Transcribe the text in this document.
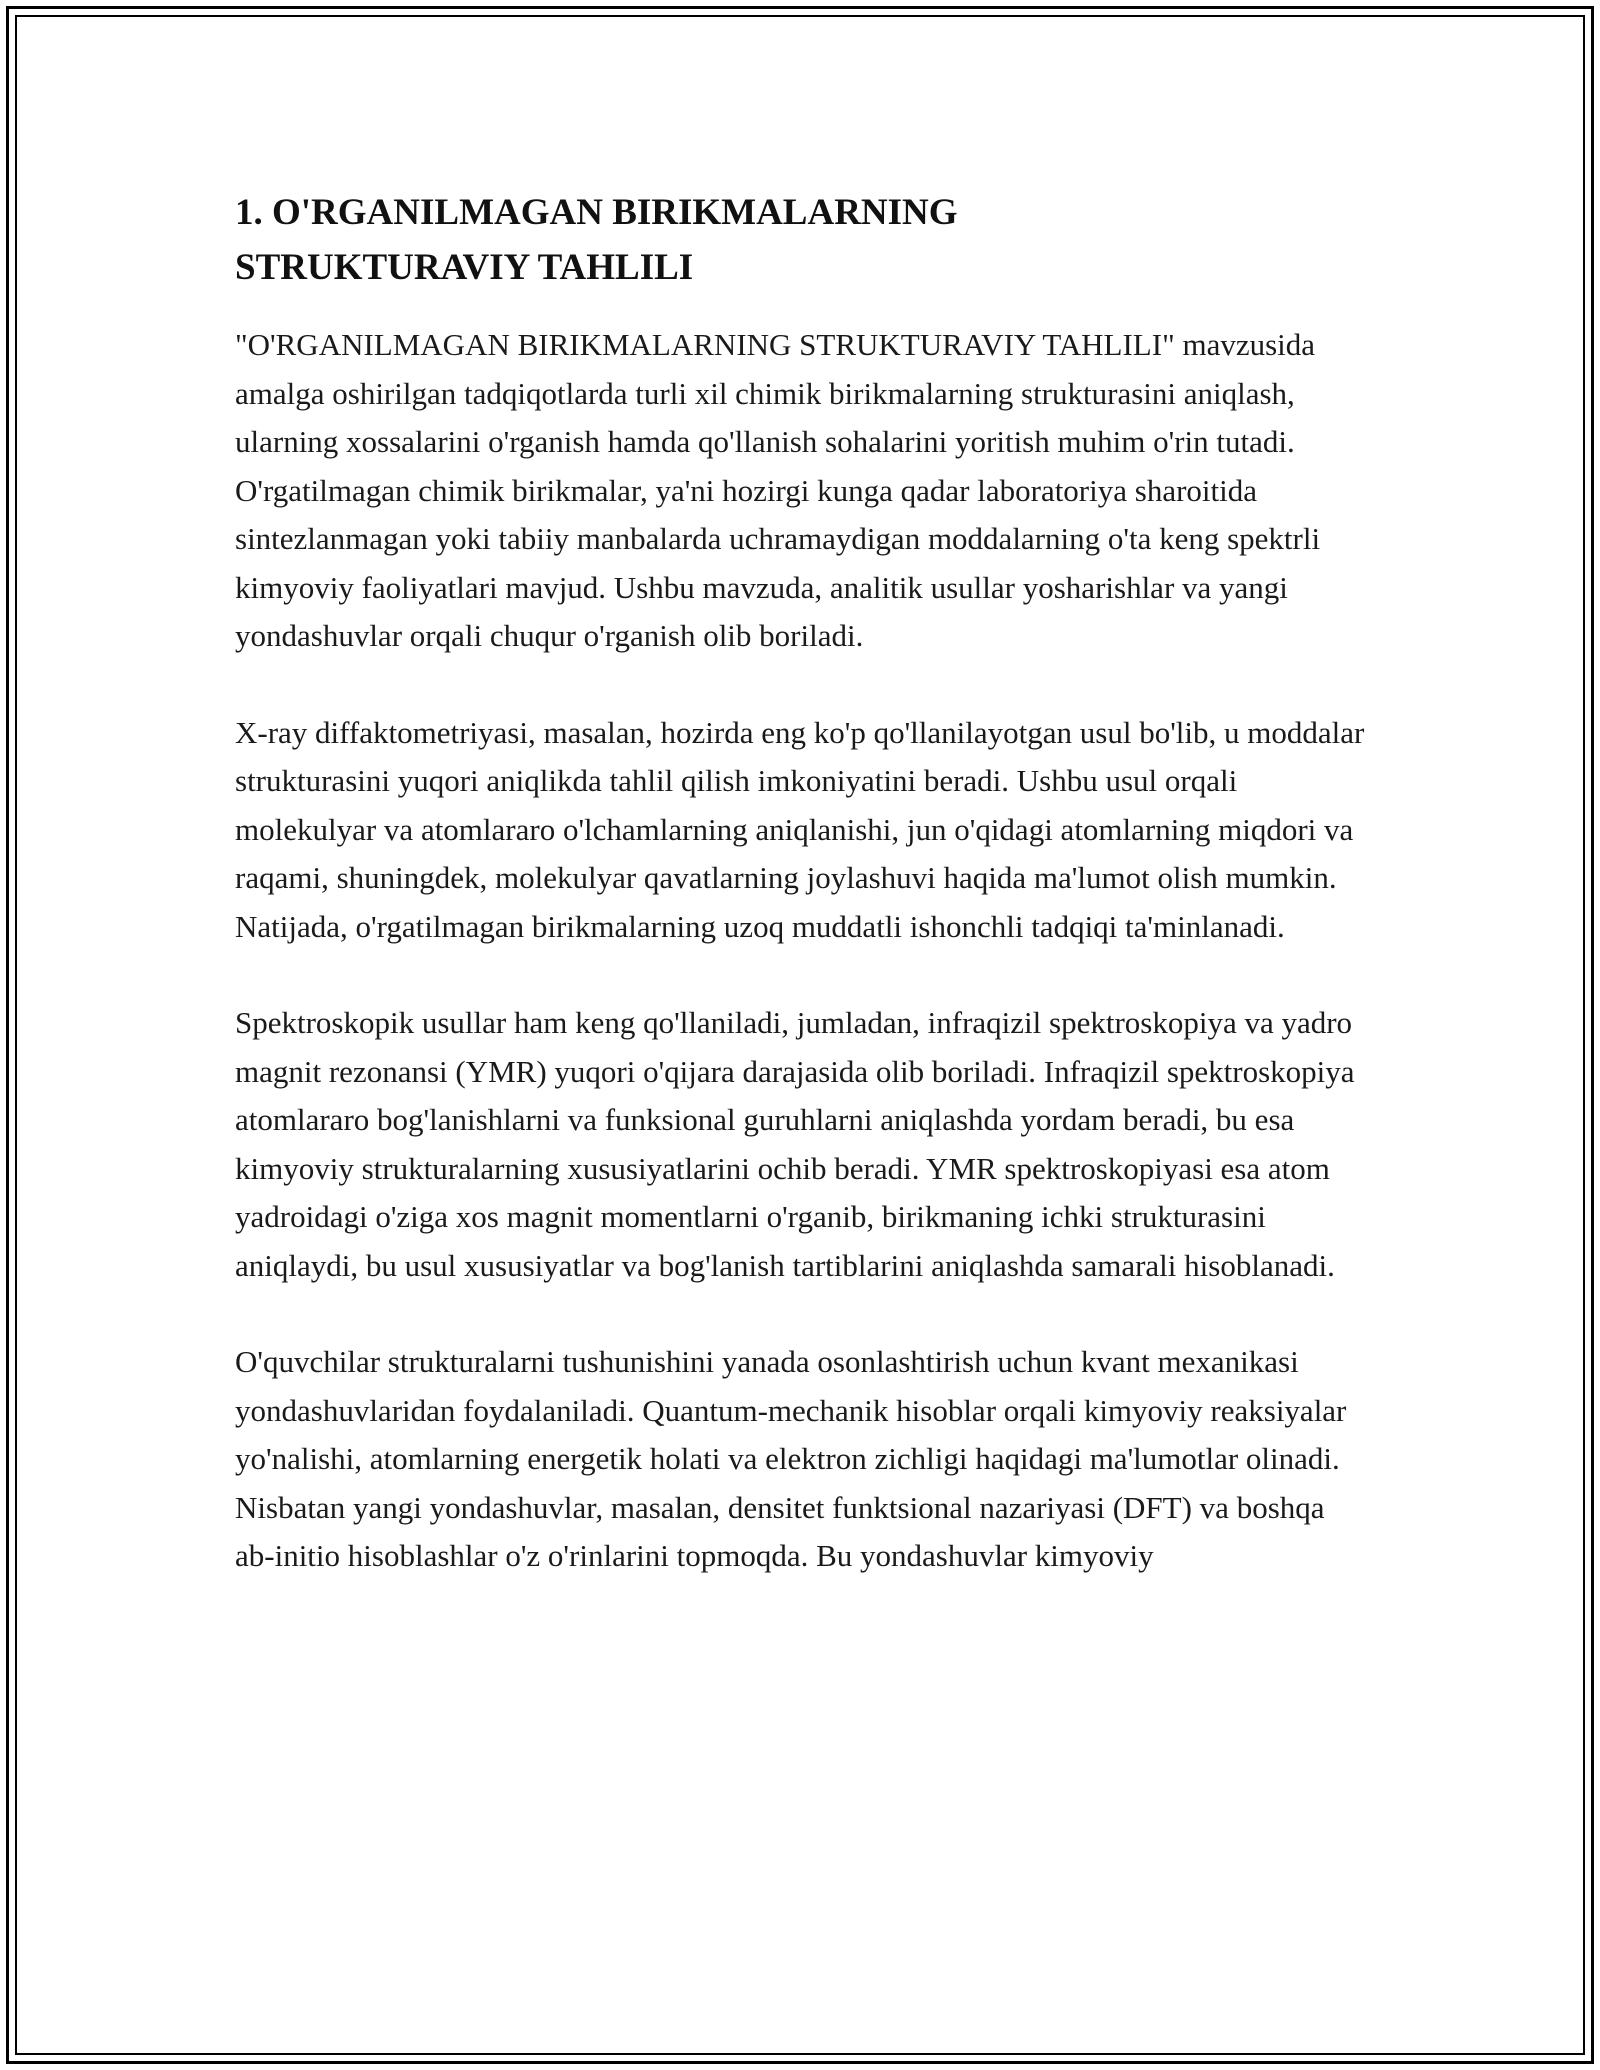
1. O'RGANILMAGAN BIRIKMALARNING STRUKTURAVIY TAHLILI

"O'RGANILMAGAN BIRIKMALARNING STRUKTURAVIY TAHLILI" mavzusida amalga oshirilgan tadqiqotlarda turli xil chimik birikmalarning strukturasini aniqlash, ularning xossalarini o'rganish hamda qo'llanish sohalarini yoritish muhim o'rin tutadi. O'rgatilmagan chimik birikmalar, ya'ni hozirgi kunga qadar laboratoriya sharoitida sintezlanmagan yoki tabiiy manbalarda uchramaydigan moddalarning o'ta keng spektrli kimyoviy faoliyatlari mavjud. Ushbu mavzuda, analitik usullar yosharishlar va yangi yondashuvlar orqali chuqur o'rganish olib boriladi.

X-ray diffaktometriyasi, masalan, hozirda eng ko'p qo'llanilayotgan usul bo'lib, u moddalar strukturasini yuqori aniqlikda tahlil qilish imkoniyatini beradi. Ushbu usul orqali molekulyar va atomlararo o'lchamlarning aniqlanishi, jun o'qidagi atomlarning miqdori va raqami, shuningdek, molekulyar qavatlarning joylashuvi haqida ma'lumot olish mumkin. Natijada, o'rgatilmagan birikmalarning uzoq muddatli ishonchli tadqiqi ta'minlanadi.

Spektroskopik usullar ham keng qo'llaniladi, jumladan, infraqizil spektroskopiya va yadro magnit rezonansi (YMR) yuqori o'qijara darajasida olib boriladi. Infraqizil spektroskopiya atomlararo bog'lanishlarni va funksional guruhlarni aniqlashda yordam beradi, bu esa kimyoviy strukturalarning xususiyatlarini ochib beradi. YMR spektroskopiyasi esa atom yadroidagi o'ziga xos magnit momentlarni o'rganib, birikmaning ichki strukturasini aniqlaydi, bu usul xususiyatlar va bog'lanish tartiblarini aniqlashda samarali hisoblanadi.

O'quvchilar strukturalarni tushunishini yanada osonlashtirish uchun kvant mexanikasi yondashuvlaridan foydalaniladi. Quantum-mechanik hisoblar orqali kimyoviy reaksiyalar yo'nalishi, atomlarning energetik holati va elektron zichligi haqidagi ma'lumotlar olinadi. Nisbatan yangi yondashuvlar, masalan, densitet funktsional nazariyasi (DFT) va boshqa ab-initio hisoblashlar o'z o'rinlarini topmoqda. Bu yondashuvlar kimyoviy
